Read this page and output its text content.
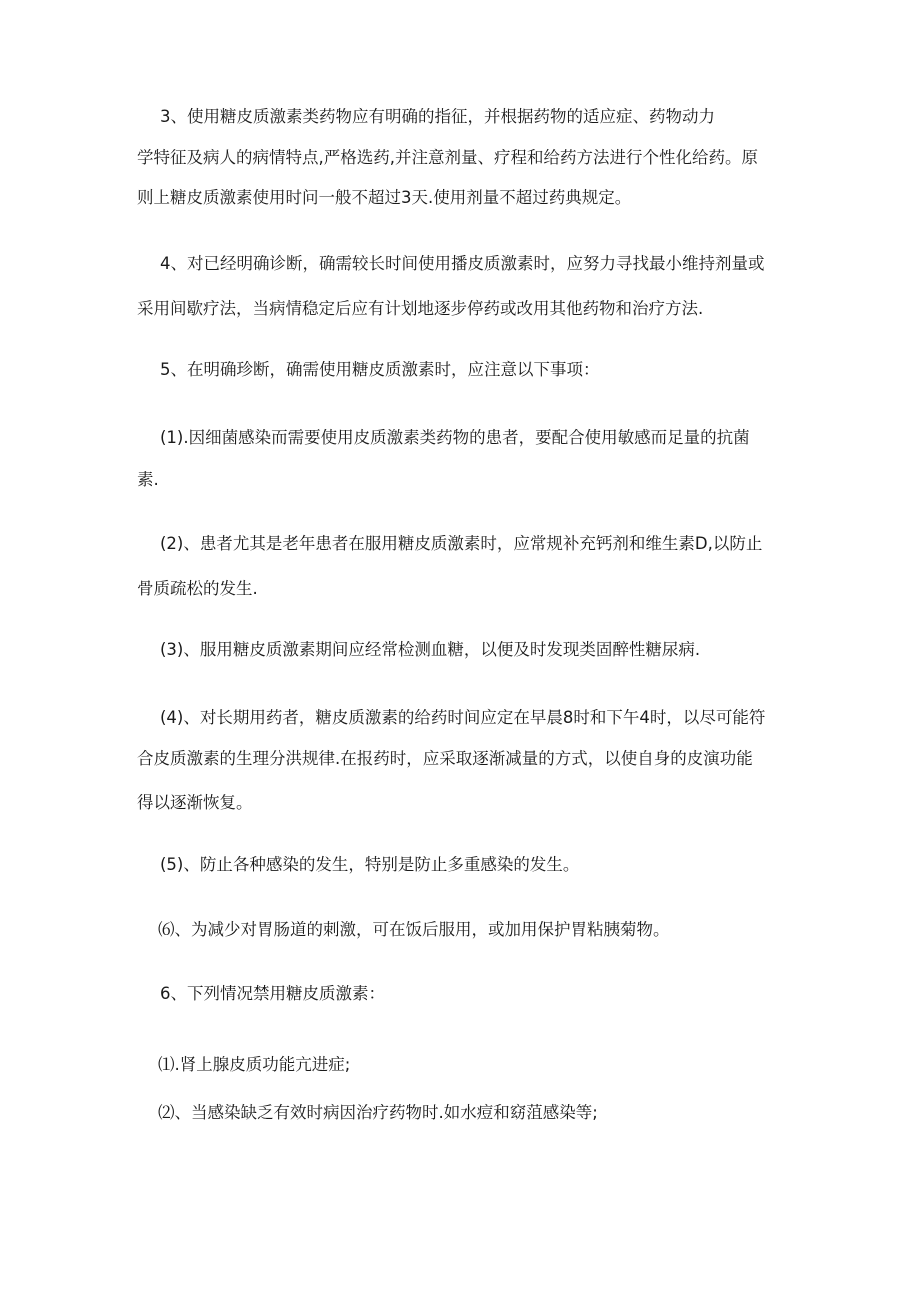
3、使用糖皮质激素类药物应有明确的指征，并根据药物的适应症、药物动力

学特征及病人的病情特点,严格选药,并注意剂量、疗程和给药方法进行个性化给药。原

则上糖皮质激素使用时问一般不超过3天.使用剂量不超过药典规定。

4、对已经明确诊断，确需较长时间使用播皮质激素时，应努力寻找最小维持剂量或

采用间歇疗法，当病情稳定后应有计划地逐步停药或改用其他药物和治疗方法.

5、在明确珍断，确需使用糖皮质激素时，应注意以下事项：

(1).因细菌感染而需要使用皮质激素类药物的患者，要配合使用敏感而足量的抗菌

素.

(2)、患者尤其是老年患者在服用糖皮质激素时，应常规补充钙剂和维生素D,以防止

骨质疏松的发生.

(3)、服用糖皮质激素期间应经常检测血糖，以便及时发现类固醉性糖尿病.

(4)、对长期用药者，糖皮质激素的给药时间应定在早晨8时和下午4时，以尽可能符

合皮质激素的生理分洪规律.在报药时，应采取逐渐减量的方式，以使自身的皮演功能

得以逐渐恢复。

(5)、防止各种感染的发生，特别是防止多重感染的发生。

⑹、为减少对胃肠道的刺激，可在饭后服用，或加用保护胃粘胰菊物。

6、下列情况禁用糖皮质激素：

⑴.肾上腺皮质功能亢进症;

⑵、当感染缺乏有效时病因治疗药物时.如水痘和窈菹感染等;
